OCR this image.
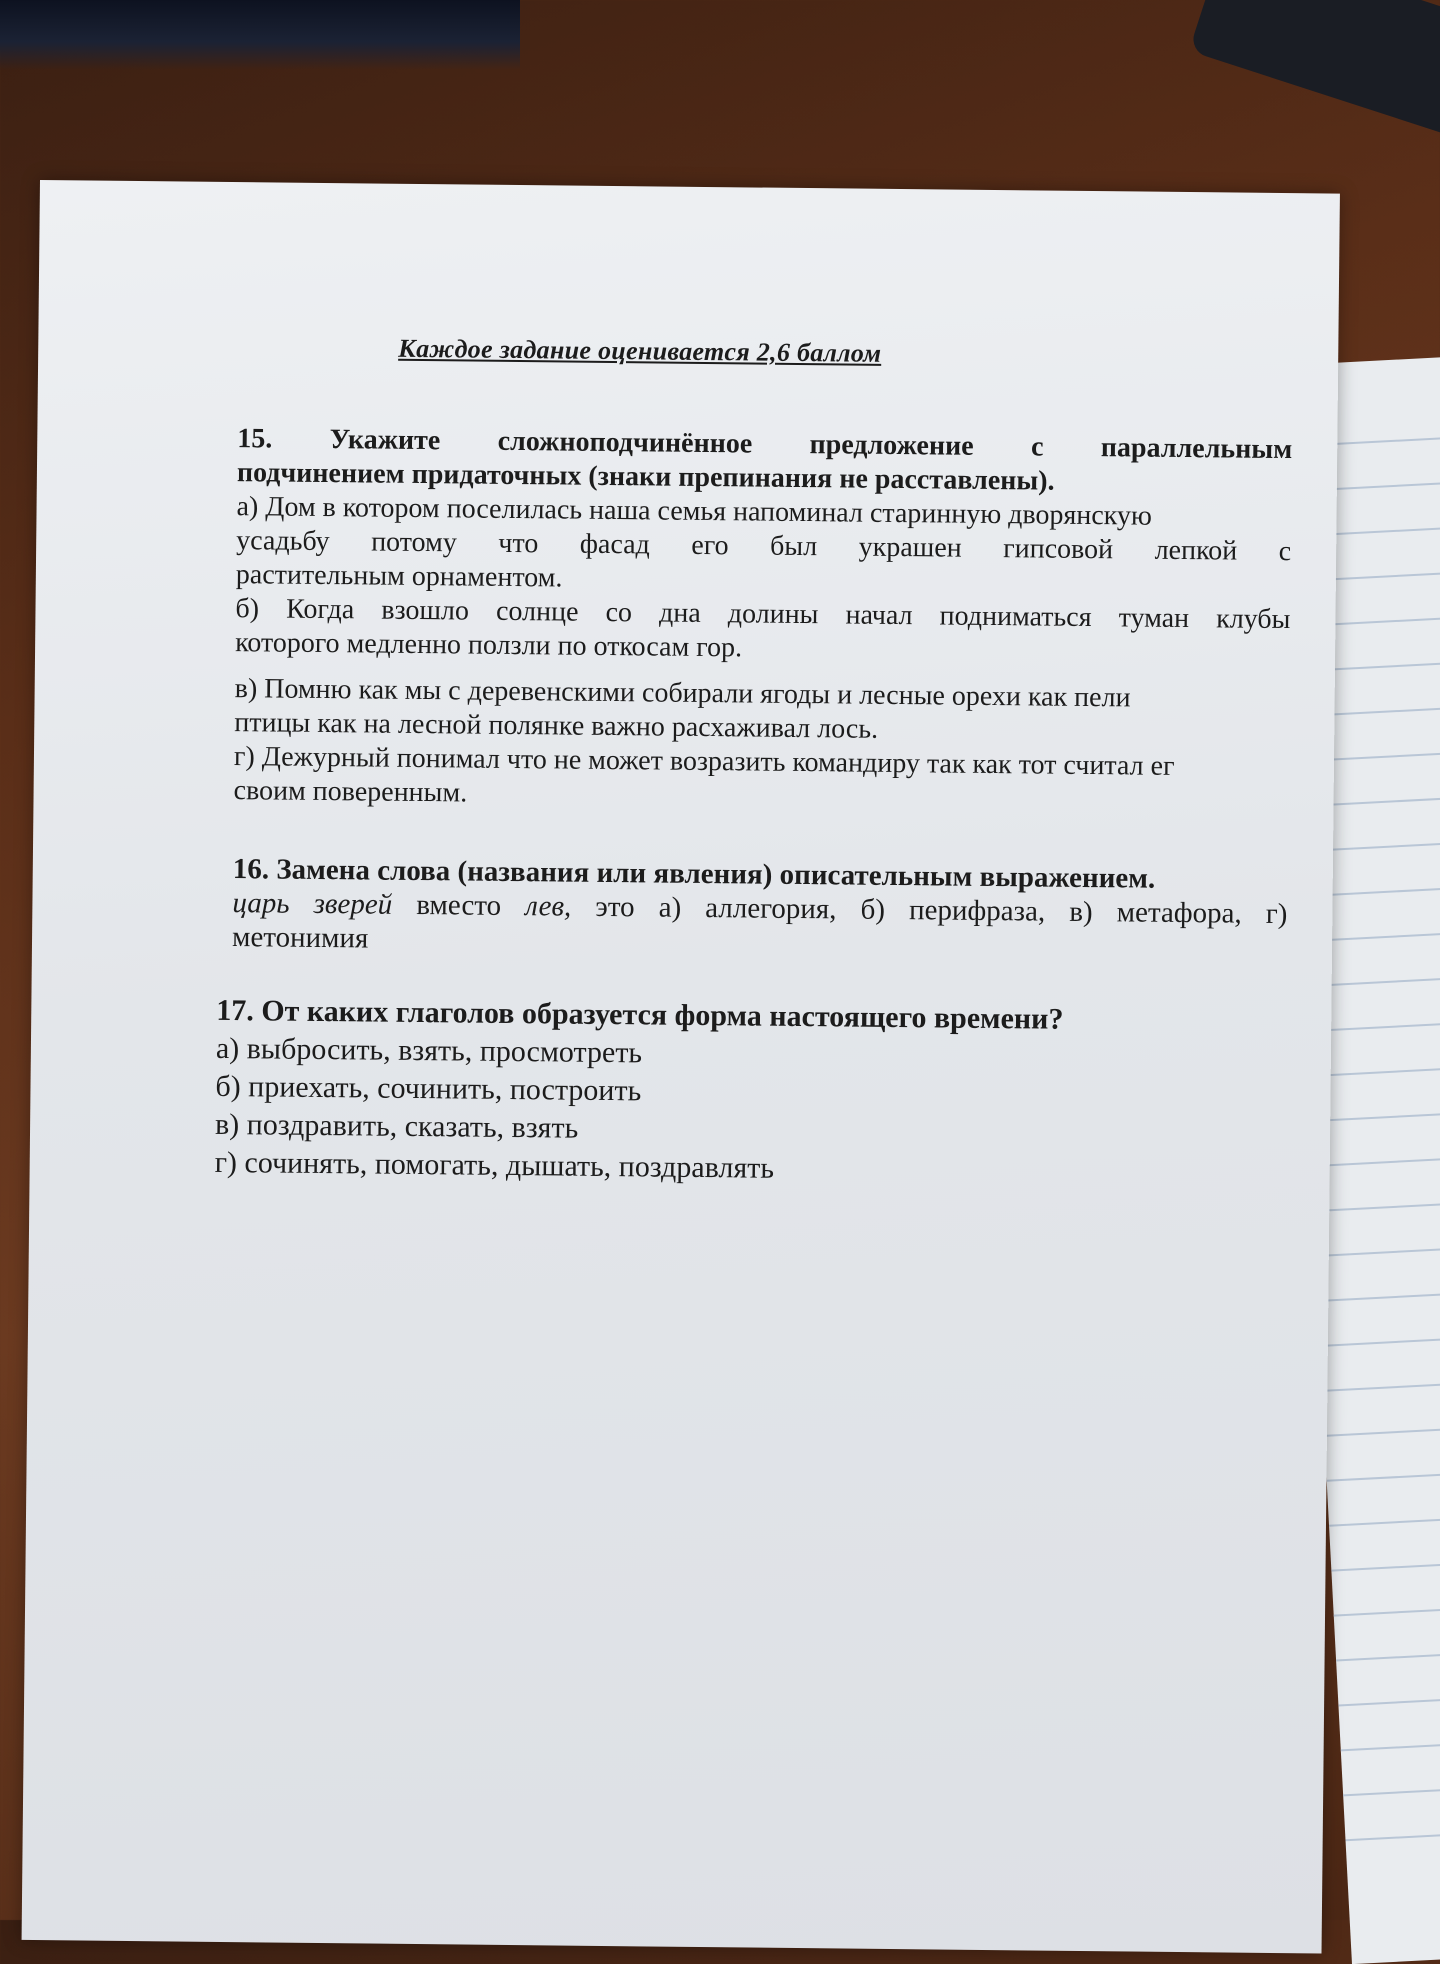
Каждое задание оценивается 2,6 баллом

15. Укажите сложноподчинённое предложение с параллельным

подчинением придаточных (знаки препинания не расставлены).

а) Дом в котором поселилась наша семья напоминал старинную дворянскую

усадьбу потому что фасад его был украшен гипсовой лепкой с

растительным орнаментом.

б) Когда взошло солнце со дна долины начал подниматься туман клубы

которого медленно ползли по откосам гор.

в) Помню как мы с деревенскими собирали ягоды и лесные орехи как пели

птицы как на лесной полянке важно расхаживал лось.

г) Дежурный понимал что не может возразить командиру так как тот считал ег

своим поверенным.

16. Замена слова (названия или явления) описательным выражением.

царь зверей вместо лев, это а) аллегория, б) перифраза, в) метафора, г)

метонимия

17. От каких глаголов образуется форма настоящего времени?

а) выбросить, взять, просмотреть

б) приехать, сочинить, построить

в) поздравить, сказать, взять

г) сочинять, помогать, дышать, поздравлять
